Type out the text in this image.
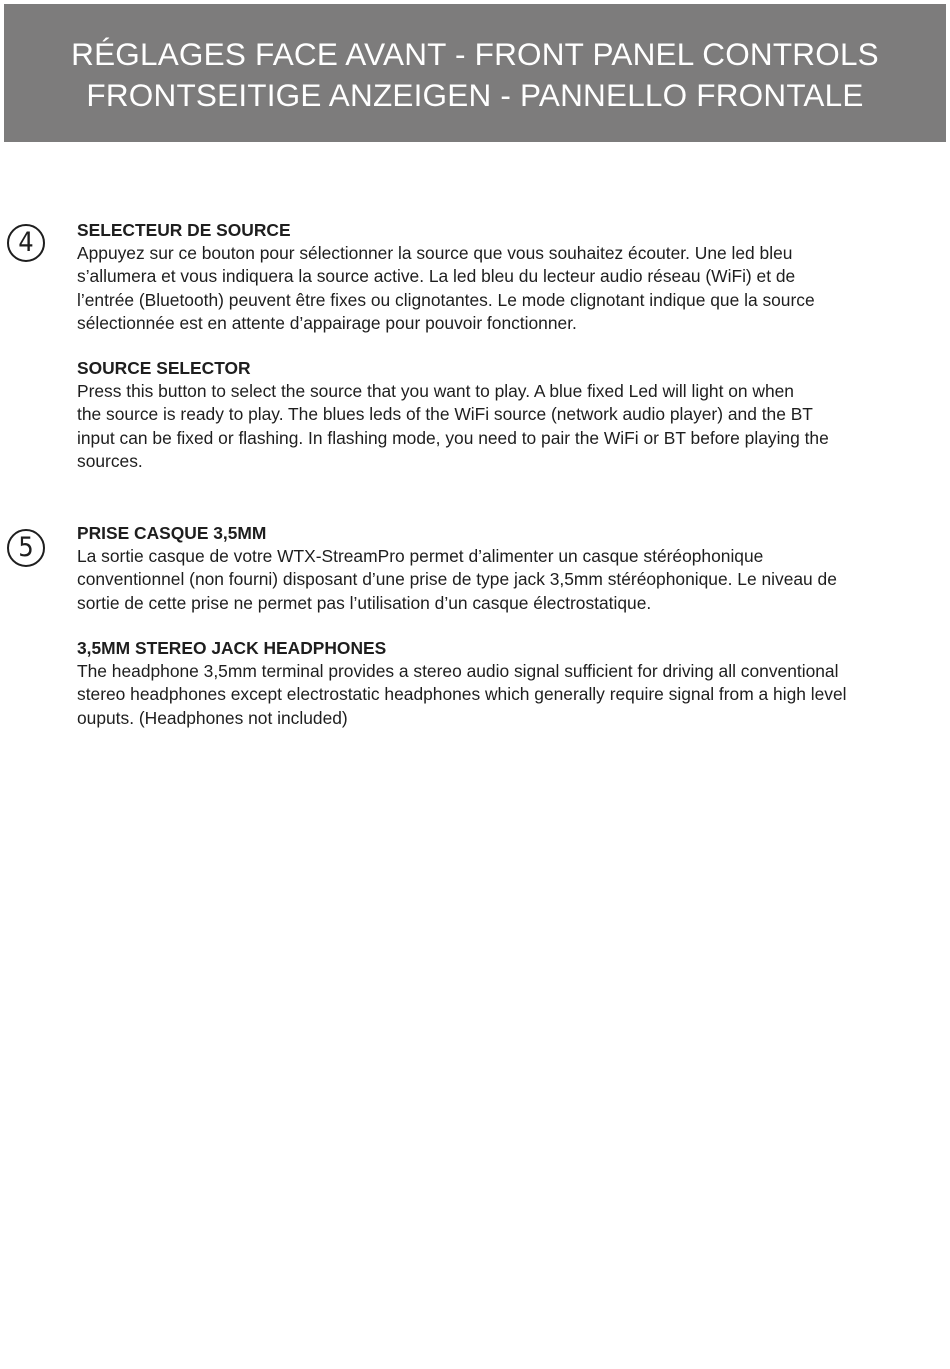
RÉGLAGES FACE AVANT - FRONT PANEL CONTROLS
FRONTSEITIGE ANZEIGEN - PANNELLO FRONTALE
4	SELECTEUR DE SOURCE
Appuyez sur ce bouton pour sélectionner la source que vous souhaitez écouter. Une led bleu
s’allumera et vous indiquera la source active. La led bleu du lecteur audio réseau (WiFi) et de
l’entrée (Bluetooth) peuvent être fixes ou clignotantes. Le mode clignotant indique que la source
sélectionnée est en attente d’appairage pour pouvoir fonctionner.
SOURCE SELECTOR
Press this button to select the source that you want to play. A blue fixed Led will light on when
the source is ready to play. The blues leds of the WiFi source (network audio player) and the BT
input can be fixed or flashing. In flashing mode, you need to pair the WiFi or BT before playing the
sources.
5	PRISE CASQUE 3,5MM
La sortie casque de votre WTX-StreamPro permet d’alimenter un casque stéréophonique
conventionnel (non fourni) disposant d’une prise de type jack 3,5mm stéréophonique. Le niveau de
sortie de cette prise ne permet pas l’utilisation d’un casque électrostatique.
3,5MM STEREO JACK HEADPHONES
The headphone 3,5mm terminal provides a stereo audio signal sufficient for driving all conventional
stereo headphones except electrostatic headphones which generally require signal from a high level
ouputs. (Headphones not included)
